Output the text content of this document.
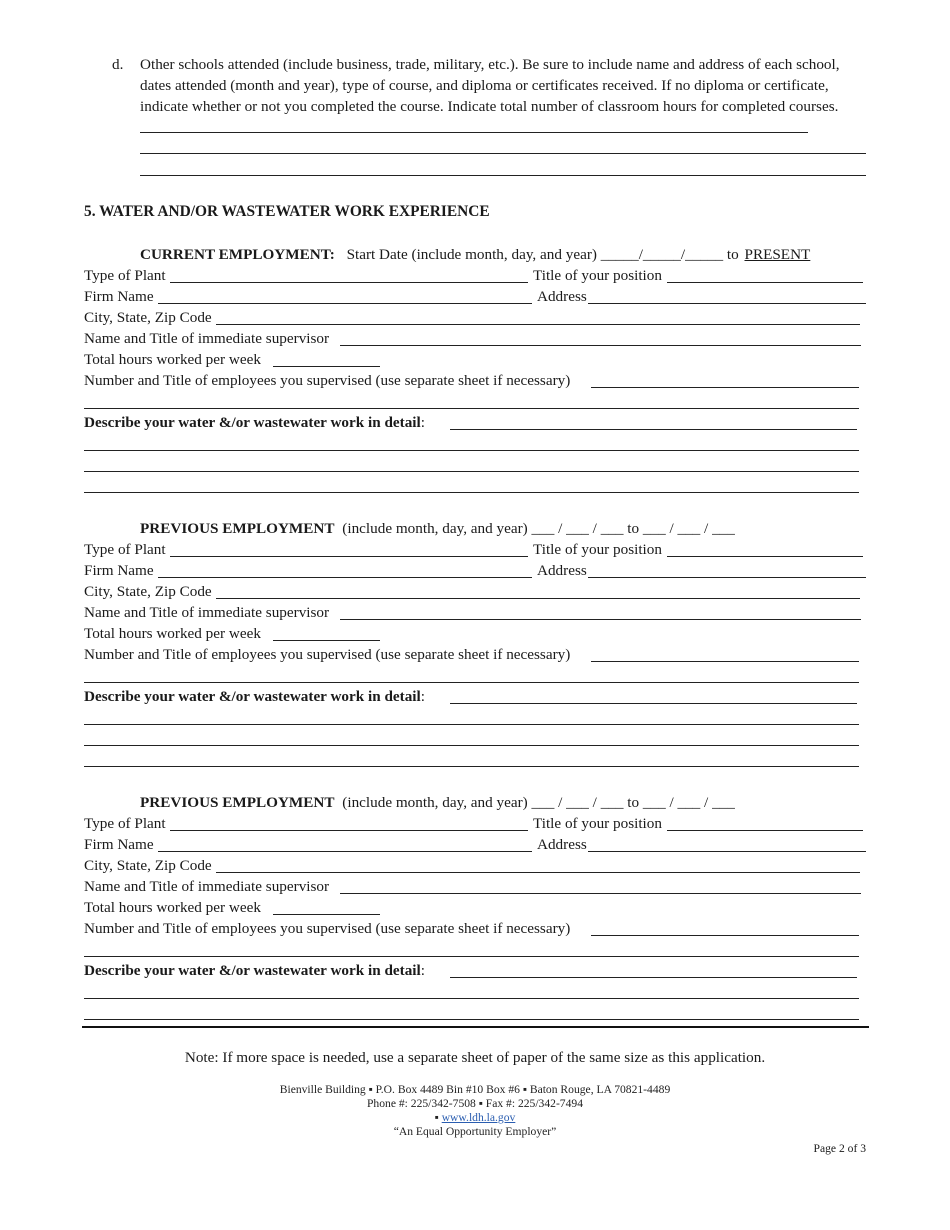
d. Other schools attended (include business, trade, military, etc.). Be sure to include name and address of each school, dates attended (month and year), type of course, and diploma or certificates received. If no diploma or certificate, indicate whether or not you completed the course. Indicate total number of classroom hours for completed courses.
5. WATER AND/OR WASTEWATER WORK EXPERIENCE
CURRENT EMPLOYMENT: Start Date (include month, day, and year) _____/_____/_____ to PRESENT
Type of Plant	Title of your position
Firm Name	Address
City, State, Zip Code
Name and Title of immediate supervisor
Total hours worked per week
Number and Title of employees you supervised (use separate sheet if necessary)
Describe your water &/or wastewater work in detail:
PREVIOUS EMPLOYMENT (include month, day, and year) ___ / ___ / ___ to ___ / ___ / ___
Type of Plant	Title of your position
Firm Name	Address
City, State, Zip Code
Name and Title of immediate supervisor
Total hours worked per week
Number and Title of employees you supervised (use separate sheet if necessary)
Describe your water &/or wastewater work in detail:
PREVIOUS EMPLOYMENT (include month, day, and year) ___ / ___ / ___ to ___ / ___ / ___
Type of Plant	Title of your position
Firm Name	Address
City, State, Zip Code
Name and Title of immediate supervisor
Total hours worked per week
Number and Title of employees you supervised (use separate sheet if necessary)
Describe your water &/or wastewater work in detail:
Note: If more space is needed, use a separate sheet of paper of the same size as this application.
Bienville Building ▪ P.O. Box 4489 Bin #10 Box #6 ▪ Baton Rouge, LA 70821-4489
Phone #: 225/342-7508 ▪ Fax #: 225/342-7494
▪ www.ldh.la.gov
“An Equal Opportunity Employer”
Page 2 of 3
